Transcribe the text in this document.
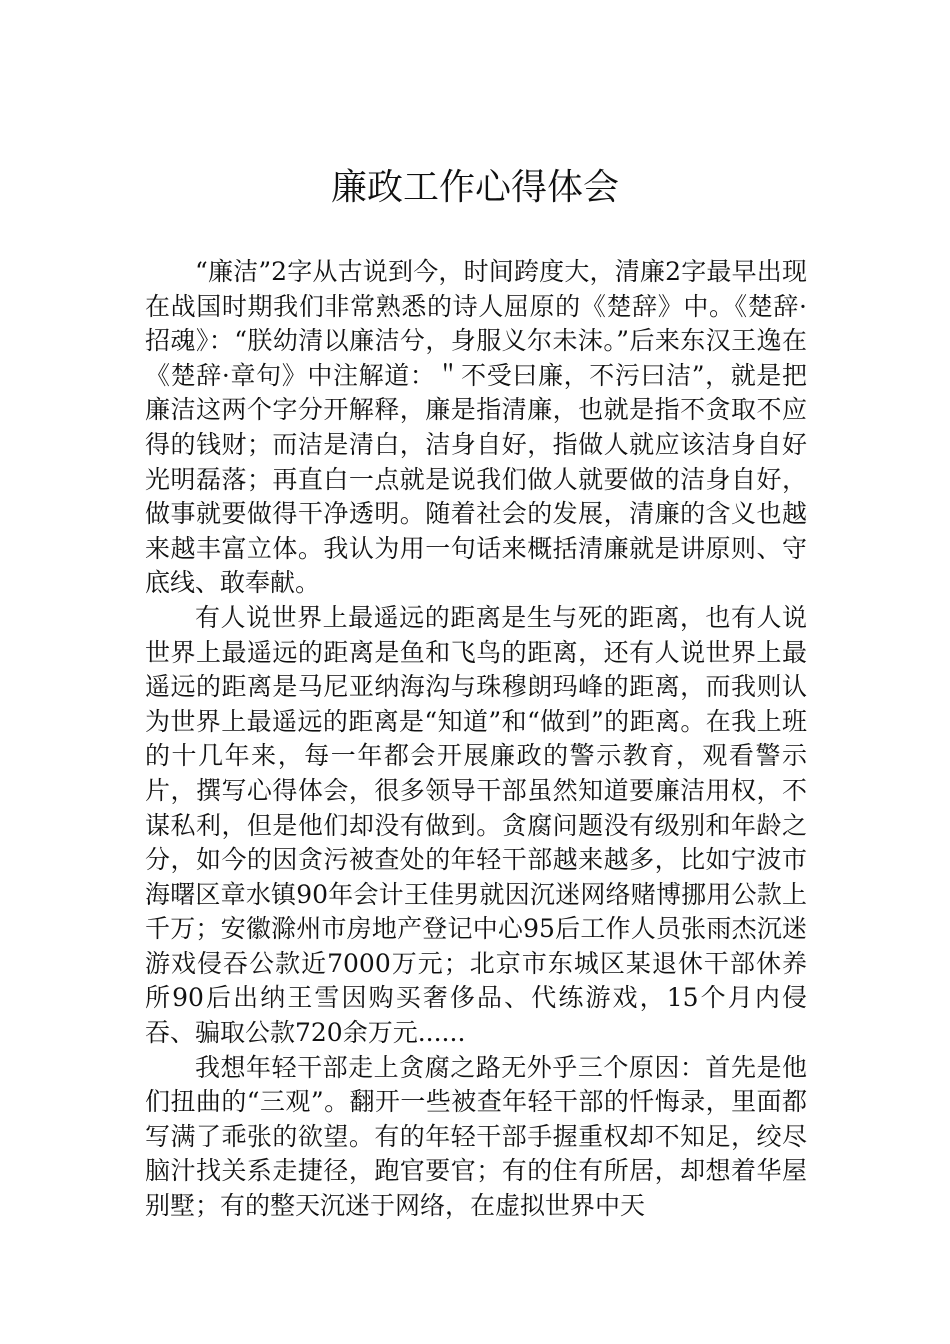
廉政工作心得体会

“廉洁”2字从古说到今，时间跨度大，清廉2字最早出现在战国时期我们非常熟悉的诗人屈原的《楚辞》中。《楚辞·招魂》：“朕幼清以廉洁兮，身服义尔未沫。”后来东汉王逸在《楚辞·章句》中注解道：＂不受曰廉，不污曰洁”，就是把廉洁这两个字分开解释，廉是指清廉，也就是指不贪取不应得的钱财；而洁是清白，洁身自好，指做人就应该洁身自好光明磊落；再直白一点就是说我们做人就要做的洁身自好，做事就要做得干净透明。随着社会的发展，清廉的含义也越来越丰富立体。我认为用一句话来概括清廉就是讲原则、守底线、敢奉献。

有人说世界上最遥远的距离是生与死的距离，也有人说世界上最遥远的距离是鱼和飞鸟的距离，还有人说世界上最遥远的距离是马尼亚纳海沟与珠穆朗玛峰的距离，而我则认为世界上最遥远的距离是“知道”和“做到”的距离。在我上班的十几年来，每一年都会开展廉政的警示教育，观看警示片，撰写心得体会，很多领导干部虽然知道要廉洁用权，不谋私利，但是他们却没有做到。贪腐问题没有级别和年龄之分，如今的因贪污被查处的年轻干部越来越多，比如宁波市海曙区章水镇90年会计王佳男就因沉迷网络赌博挪用公款上千万；安徽滁州市房地产登记中心95后工作人员张雨杰沉迷游戏侵吞公款近7000万元；北京市东城区某退休干部休养所90后出纳王雪因购买奢侈品、代练游戏，15个月内侵吞、骗取公款720余万元......

我想年轻干部走上贪腐之路无外乎三个原因：首先是他们扭曲的“三观”。翻开一些被查年轻干部的忏悔录，里面都写满了乖张的欲望。有的年轻干部手握重权却不知足，绞尽脑汁找关系走捷径，跑官要官；有的住有所居，却想着华屋别墅；有的整天沉迷于网络，在虚拟世界中天
